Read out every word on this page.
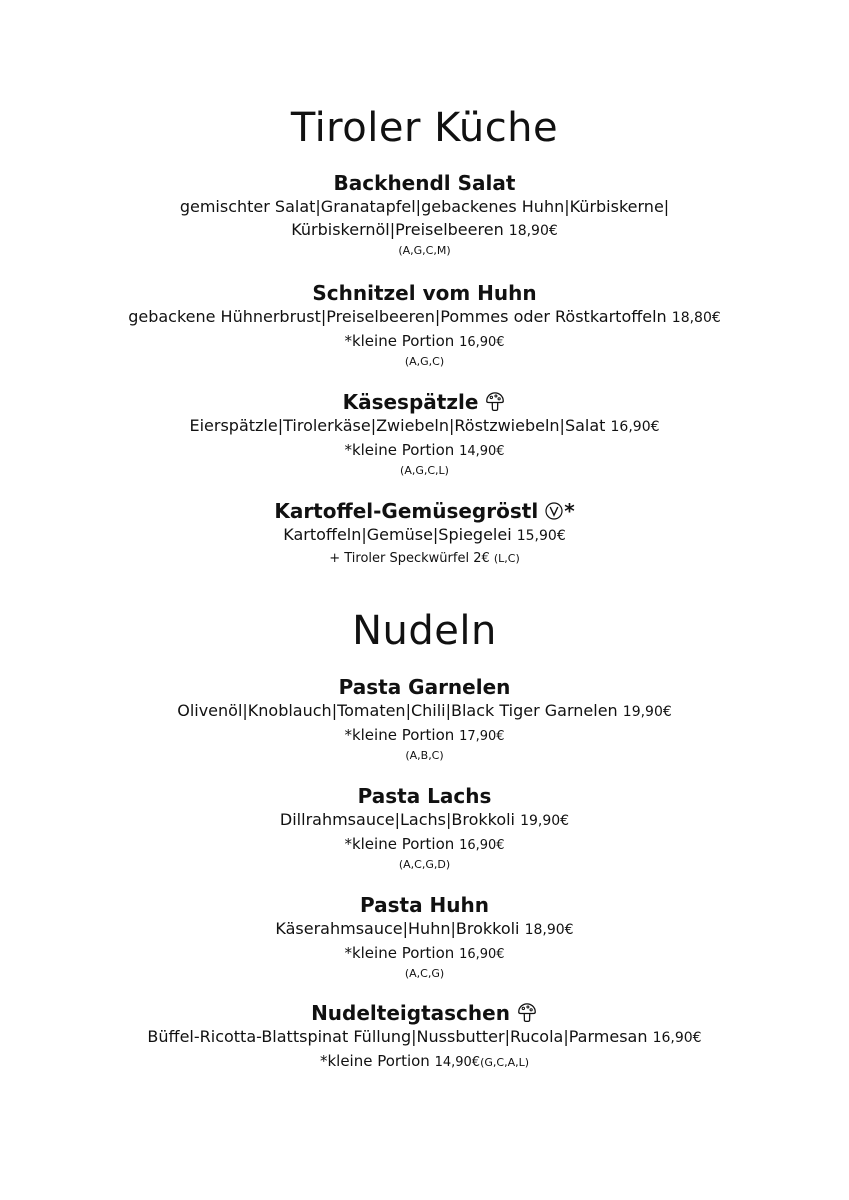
Tiroler Küche
Backhendl Salat
gemischter Salat|Granatapfel|gebackenes Huhn|Kürbiskerne|
Kürbiskernöl|Preiselbeeren 18,90€
(A,G,C,M)
Schnitzel vom Huhn
gebackene Hühnerbrust|Preiselbeeren|Pommes oder Röstkartoffeln 18,80€
*kleine Portion 16,90€
(A,G,C)
Käsespätzle
Eierspätzle|Tirolerkäse|Zwiebeln|Röstzwiebeln|Salat 16,90€
*kleine Portion 14,90€
(A,G,C,L)
Kartoffel-Gemüsegröstl *
Kartoffeln|Gemüse|Spiegelei 15,90€
+ Tiroler Speckwürfel 2€ (L,C)
Nudeln
Pasta Garnelen
Olivenöl|Knoblauch|Tomaten|Chili|Black Tiger Garnelen 19,90€
*kleine Portion 17,90€
(A,B,C)
Pasta Lachs
Dillrahmsauce|Lachs|Brokkoli 19,90€
*kleine Portion 16,90€
(A,C,G,D)
Pasta Huhn
Käserahmsauce|Huhn|Brokkoli 18,90€
*kleine Portion 16,90€
(A,C,G)
Nudelteigtaschen
Büffel-Ricotta-Blattspinat Füllung|Nussbutter|Rucola|Parmesan 16,90€
*kleine Portion 14,90€(G,C,A,L)
